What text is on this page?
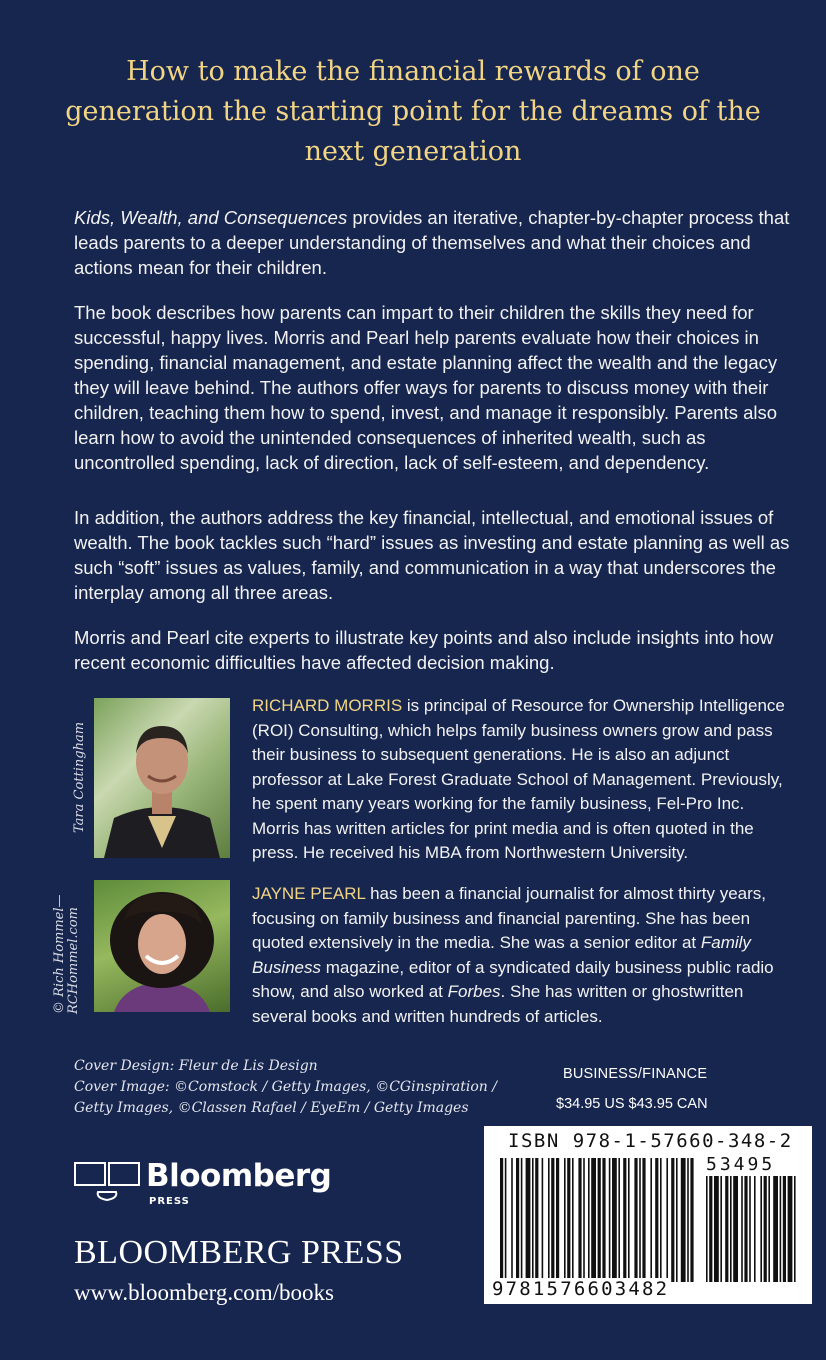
How to make the financial rewards of one generation the starting point for the dreams of the next generation

Kids, Wealth, and Consequences provides an iterative, chapter-by-chapter process that leads parents to a deeper understanding of themselves and what their choices and actions mean for their children.

The book describes how parents can impart to their children the skills they need for successful, happy lives. Morris and Pearl help parents evaluate how their choices in spending, financial management, and estate planning affect the wealth and the legacy they will leave behind. The authors offer ways for parents to discuss money with their children, teaching them how to spend, invest, and manage it responsibly. Parents also learn how to avoid the unintended consequences of inherited wealth, such as uncontrolled spending, lack of direction, lack of self-esteem, and dependency.

In addition, the authors address the key financial, intellectual, and emotional issues of wealth. The book tackles such “hard” issues as investing and estate planning as well as such “soft” issues as values, family, and communication in a way that underscores the interplay among all three areas.

Morris and Pearl cite experts to illustrate key points and also include insights into how recent economic difficulties have affected decision making.

Tara Cottingham
© Rich Hommel— RCHommel.com
RICHARD MORRIS is principal of Resource for Ownership Intelligence (ROI) Consulting, which helps family business owners grow and pass their business to subsequent generations. He is also an adjunct professor at Lake Forest Graduate School of Management. Previously, he spent many years working for the family business, Fel-Pro Inc. Morris has written articles for print media and is often quoted in the press. He received his MBA from Northwestern University.
JAYNE PEARL has been a financial journalist for almost thirty years, focusing on family business and financial parenting. She has been quoted extensively in the media. She was a senior editor at Family Business magazine, editor of a syndicated daily business public radio show, and also worked at Forbes. She has written or ghostwritten several books and written hundreds of articles.
Cover Design: Fleur de Lis Design
Cover Image: ©Comstock / Getty Images, ©CGinspiration /
Getty Images, ©Classen Rafael / EyeEm / Getty Images
BUSINESS/FINANCE
$34.95 US $43.95 CAN
Bloomberg
PRESS
BLOOMBERG PRESS
www.bloomberg.com/books
ISBN 978-1-57660-348-2
53495
9781576603482
